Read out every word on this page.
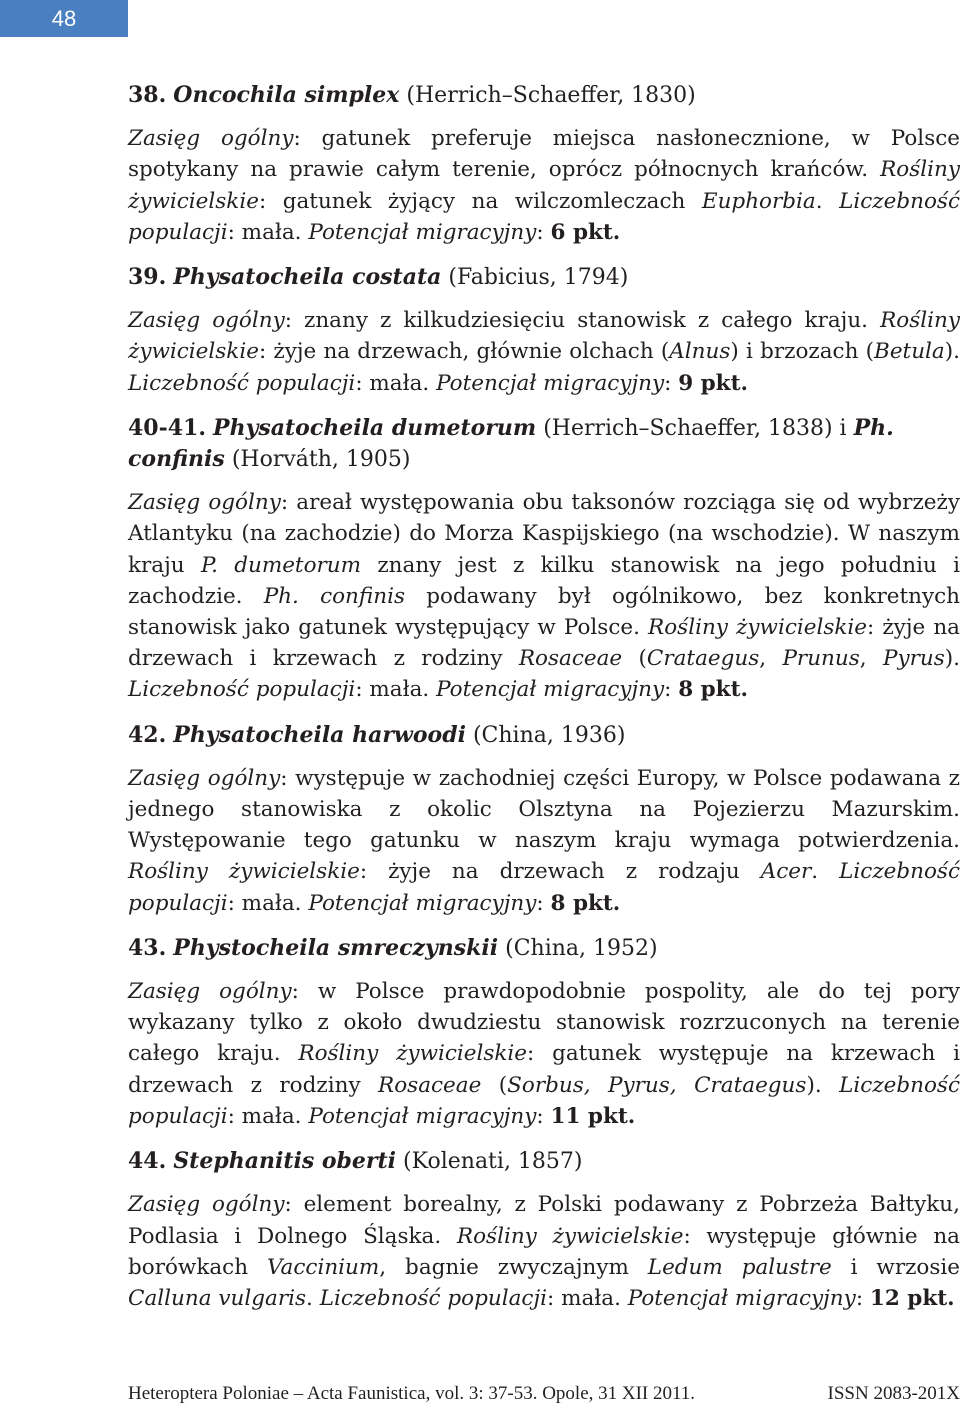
48

38. Oncochila simplex (Herrich–Schaeffer, 1830)

Zasięg ogólny: gatunek preferuje miejsca nasłonecznione, w Polsce spotykany na prawie całym terenie, oprócz północnych krańców. Rośliny żywicielskie: gatunek żyjący na wilczomleczach Euphorbia. Liczebność populacji: mała. Potencjał migracyjny: 6 pkt.

39. Physatocheila costata (Fabicius, 1794)

Zasięg ogólny: znany z kilkudziesięciu stanowisk z całego kraju. Rośliny żywicielskie: żyje na drzewach, głównie olchach (Alnus) i brzozach (Betula). Liczebność populacji: mała. Potencjał migracyjny: 9 pkt.

40-41. Physatocheila dumetorum (Herrich–Schaeffer, 1838) i Ph. confinis (Horváth, 1905)

Zasięg ogólny: areał występowania obu taksonów rozciąga się od wybrzeży Atlantyku (na zachodzie) do Morza Kaspijskiego (na wschodzie). W naszym kraju P. dumetorum znany jest z kilku stanowisk na jego południu i zachodzie. Ph. confinis podawany był ogólnikowo, bez konkretnych stanowisk jako gatunek występujący w Polsce. Rośliny żywicielskie: żyje na drzewach i krzewach z rodziny Rosaceae (Crataegus, Prunus, Pyrus). Liczebność populacji: mała. Potencjał migracyjny: 8 pkt.

42. Physatocheila harwoodi (China, 1936)

Zasięg ogólny: występuje w zachodniej części Europy, w Polsce podawana z jednego stanowiska z okolic Olsztyna na Pojezierzu Mazurskim. Występowanie tego gatunku w naszym kraju wymaga potwierdzenia. Rośliny żywicielskie: żyje na drzewach z rodzaju Acer. Liczebność populacji: mała. Potencjał migracyjny: 8 pkt.

43. Phystocheila smreczynskii (China, 1952)

Zasięg ogólny: w Polsce prawdopodobnie pospolity, ale do tej pory wykazany tylko z około dwudziestu stanowisk rozrzuconych na terenie całego kraju. Rośliny żywicielskie: gatunek występuje na krzewach i drzewach z rodziny Rosaceae (Sorbus, Pyrus, Crataegus). Liczebność populacji: mała. Potencjał migracyjny: 11 pkt.

44. Stephanitis oberti (Kolenati, 1857)

Zasięg ogólny: element borealny, z Polski podawany z Pobrzeża Bałtyku, Podlasia i Dolnego Śląska. Rośliny żywicielskie: występuje głównie na borówkach Vaccinium, bagnie zwyczajnym Ledum palustre i wrzosie Calluna vulgaris. Liczebność populacji: mała. Potencjał migracyjny: 12 pkt.

Heteroptera Poloniae – Acta Faunistica, vol. 3: 37-53. Opole, 31 XII 2011.	ISSN 2083-201X
